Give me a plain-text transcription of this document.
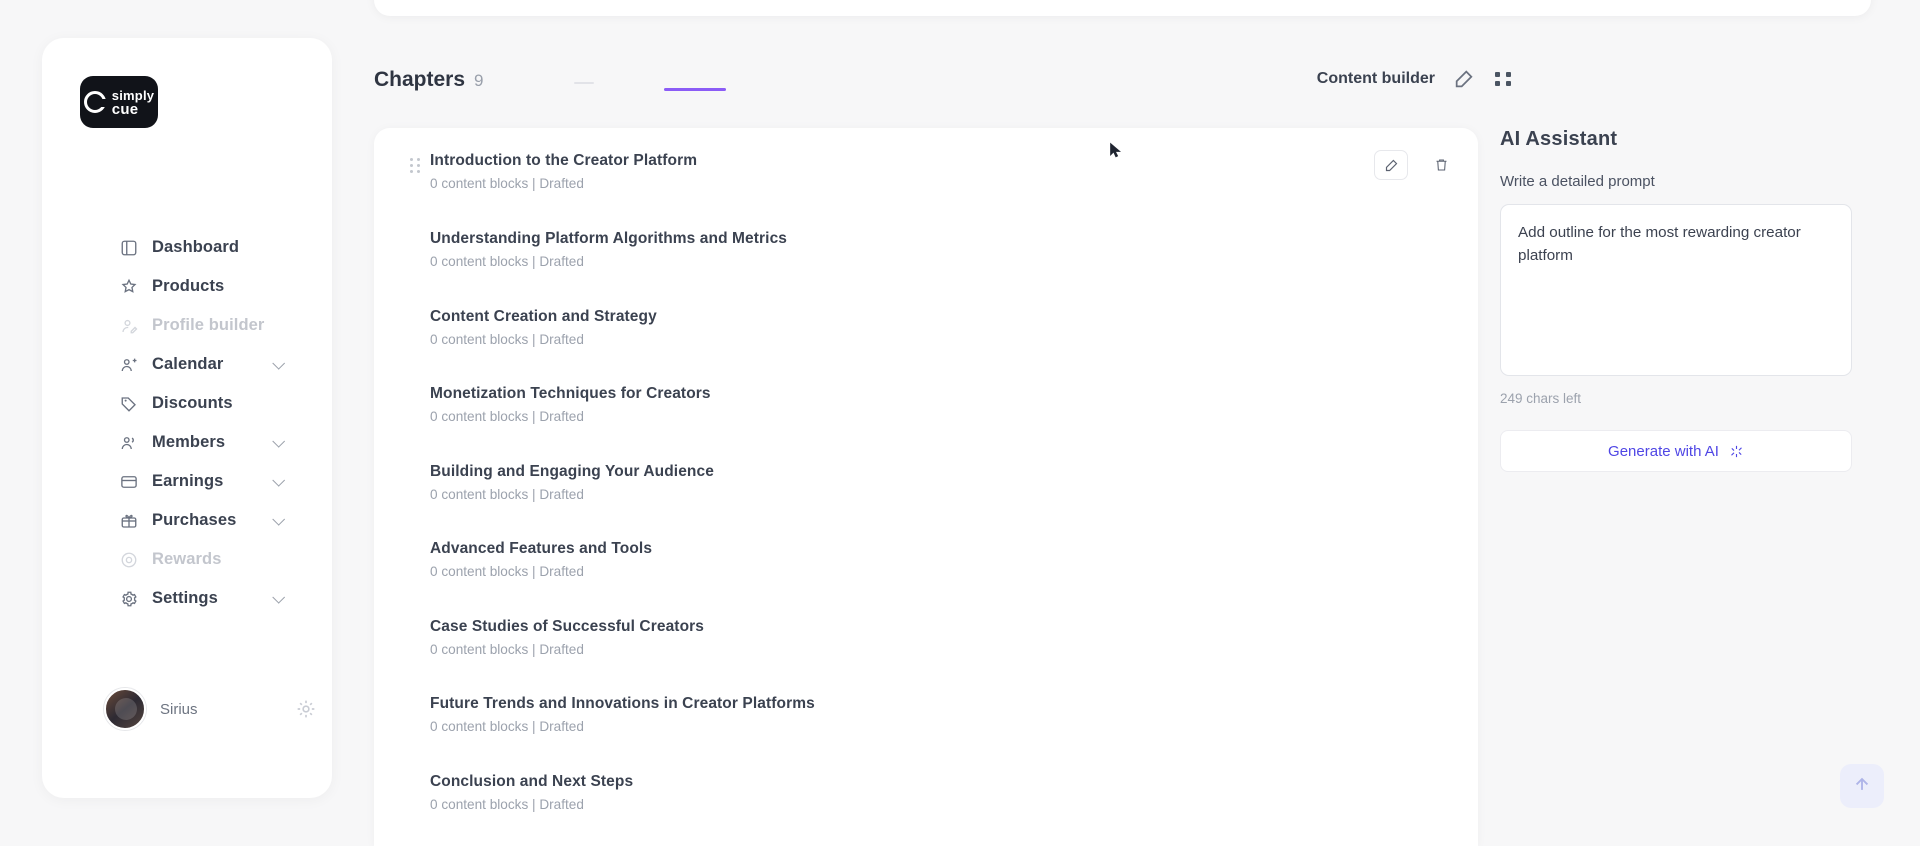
simply
cue
Dashboard
Products
Profile builder
Calendar
Discounts
Members
Earnings
Purchases
Rewards
Settings
Sirius
Chapters 9	Content builder
Introduction to the Creator Platform
0 content blocks | Drafted
Understanding Platform Algorithms and Metrics
0 content blocks | Drafted
Content Creation and Strategy
0 content blocks | Drafted
Monetization Techniques for Creators
0 content blocks | Drafted
Building and Engaging Your Audience
0 content blocks | Drafted
Advanced Features and Tools
0 content blocks | Drafted
Case Studies of Successful Creators
0 content blocks | Drafted
Future Trends and Innovations in Creator Platforms
0 content blocks | Drafted
Conclusion and Next Steps
0 content blocks | Drafted
AI Assistant
Write a detailed prompt
Add outline for the most rewarding creator platform
249 chars left
Generate with AI
